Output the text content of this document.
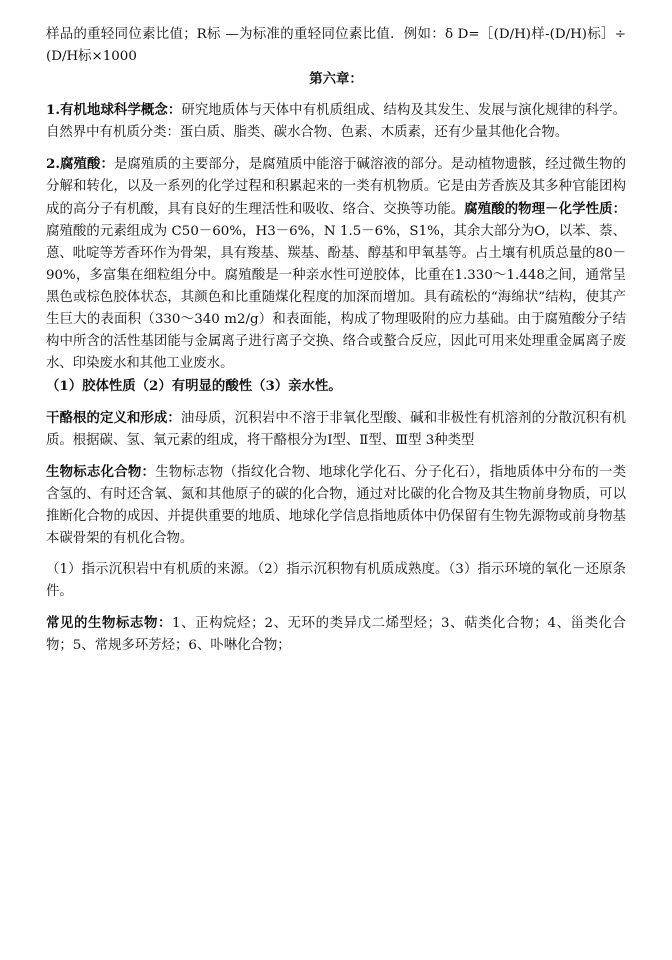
样品的重轻同位素比值；R标 —为标准的重轻同位素比值．例如：δ D=［(D/H)样-(D/H)标］÷ (D/H标×1000

第六章：

1.有机地球科学概念：研究地质体与天体中有机质组成、结构及其发生、发展与演化规律的科学。自然界中有机质分类：蛋白质、脂类、碳水合物、色素、木质素，还有少量其他化合物。

2.腐殖酸：是腐殖质的主要部分，是腐殖质中能溶于碱溶液的部分。是动植物遗骸，经过微生物的分解和转化，以及一系列的化学过程和积累起来的一类有机物质。它是由芳香族及其多种官能团构成的高分子有机酸，具有良好的生理活性和吸收、络合、交换等功能。腐殖酸的物理－化学性质：腐殖酸的元素组成为 C50－60%，H3－6%，N 1.5－6%，S1%，其余大部分为O，以苯、萘、蒽、吡啶等芳香环作为骨架，具有羧基、羰基、酚基、醇基和甲氧基等。占土壤有机质总量的80－90%，多富集在细粒组分中。腐殖酸是一种亲水性可逆胶体，比重在1.330～1.448之间，通常呈黑色或棕色胶体状态，其颜色和比重随煤化程度的加深而增加。具有疏松的“海绵状”结构，使其产生巨大的表面积（330～340 m2/g）和表面能，构成了物理吸附的应力基础。由于腐殖酸分子结构中所含的活性基团能与金属离子进行离子交换、络合或螯合反应，因此可用来处理重金属离子废水、印染废水和其他工业废水。

（1）胶体性质（2）有明显的酸性（3）亲水性。

干酪根的定义和形成：油母质，沉积岩中不溶于非氧化型酸、碱和非极性有机溶剂的分散沉积有机质。根据碳、氢、氧元素的组成，将干酪根分为Ⅰ型、Ⅱ型、Ⅲ型 3种类型

生物标志化合物：生物标志物（指纹化合物、地球化学化石、分子化石），指地质体中分布的一类含氢的、有时还含氧、氮和其他原子的碳的化合物，通过对比碳的化合物及其生物前身物质，可以推断化合物的成因、并提供重要的地质、地球化学信息指地质体中仍保留有生物先源物或前身物基本碳骨架的有机化合物。

（1）指示沉积岩中有机质的来源。（2）指示沉积物有机质成熟度。（3）指示环境的氧化－还原条件。

常见的生物标志物：1、正构烷烃；2、无环的类异戊二烯型烃；3、萜类化合物；4、甾类化合物；5、常规多环芳烃；6、卟啉化合物；
